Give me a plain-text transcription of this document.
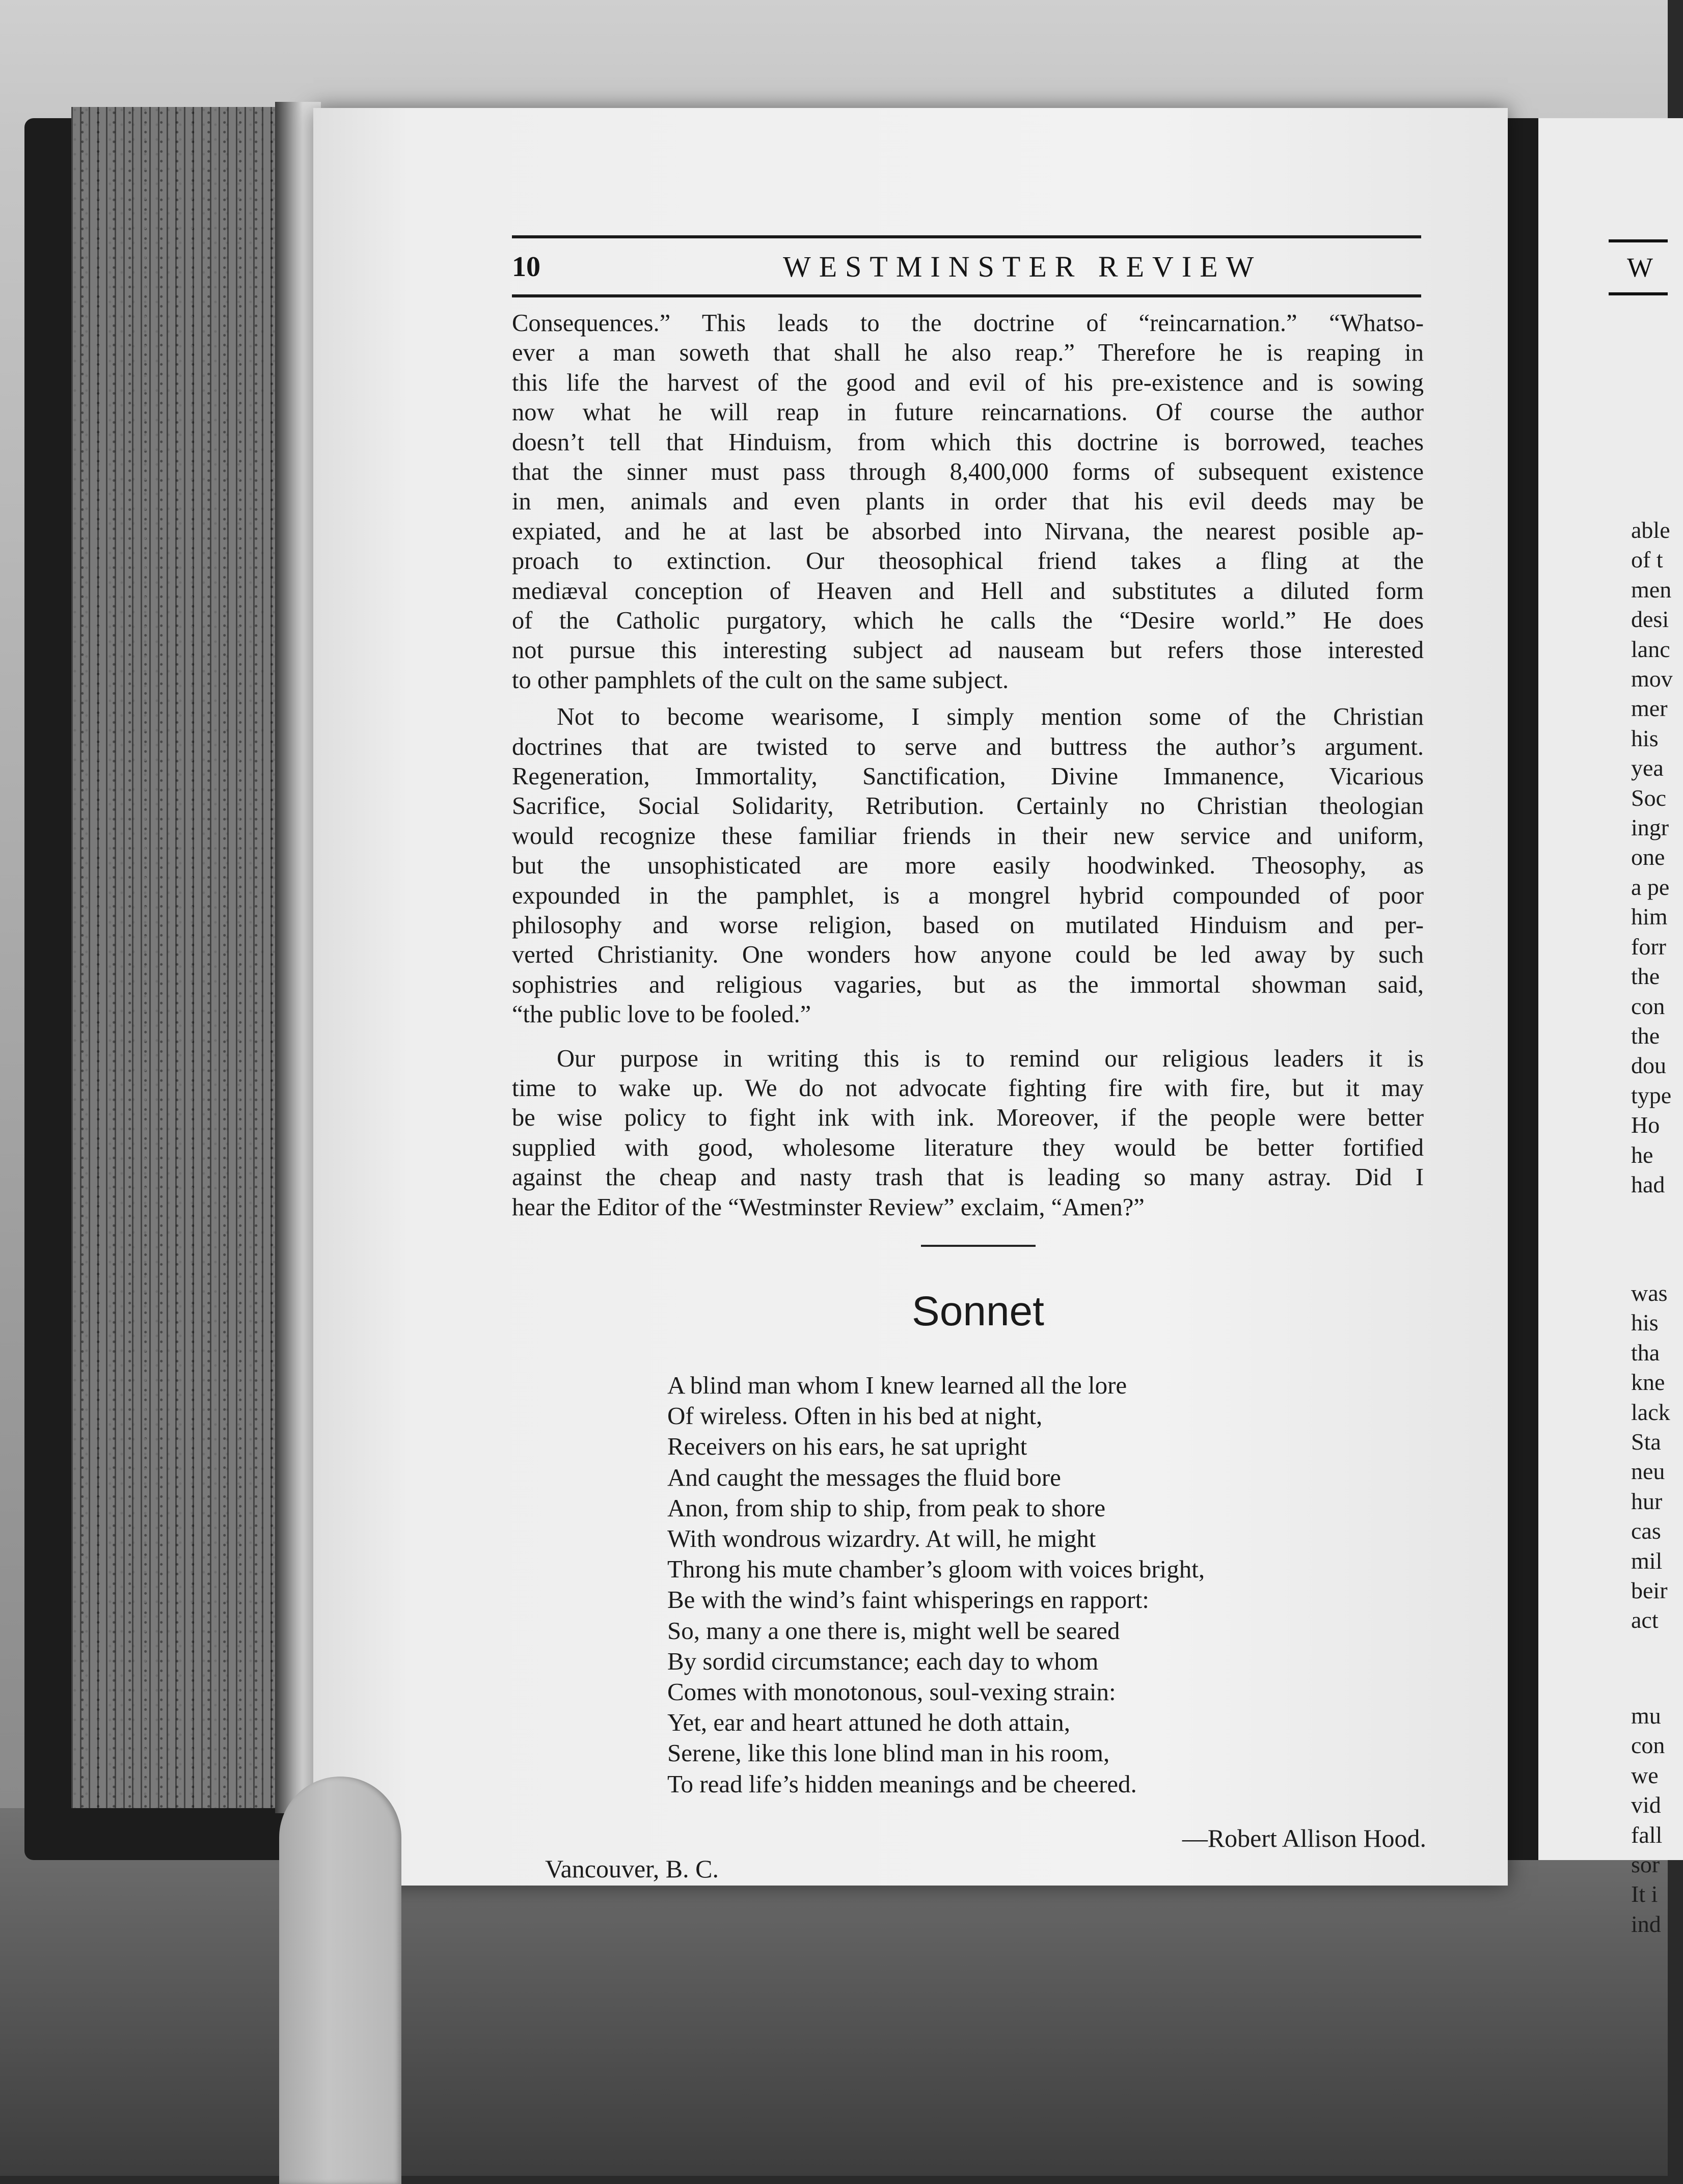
W
able
of t
men
desi
lanc
mov
mer
his
yea
Soc
ingr
one
a pe
him
forr
the
con
the
dou
type
Ho
he
had
was
his
tha
kne
lack
Sta
neu
hur
cas
mil
beir
act
mu
con
we
vid
fall
sor
It i
ind
10	WESTMINSTER REVIEW
Consequences.” This leads to the doctrine of “reincarnation.” “Whatso-
ever a man soweth that shall he also reap.” Therefore he is reaping in
this life the harvest of the good and evil of his pre-existence and is sowing
now what he will reap in future reincarnations. Of course the author
doesn’t tell that Hinduism, from which this doctrine is borrowed, teaches
that the sinner must pass through 8,400,000 forms of subsequent existence
in men, animals and even plants in order that his evil deeds may be
expiated, and he at last be absorbed into Nirvana, the nearest posible ap-
proach to extinction. Our theosophical friend takes a fling at the
mediæval conception of Heaven and Hell and substitutes a diluted form
of the Catholic purgatory, which he calls the “Desire world.” He does
not pursue this interesting subject ad nauseam but refers those interested
to other pamphlets of the cult on the same subject.
Not to become wearisome, I simply mention some of the Christian
doctrines that are twisted to serve and buttress the author’s argument.
Regeneration, Immortality, Sanctification, Divine Immanence, Vicarious
Sacrifice, Social Solidarity, Retribution. Certainly no Christian theologian
would recognize these familiar friends in their new service and uniform,
but the unsophisticated are more easily hoodwinked. Theosophy, as
expounded in the pamphlet, is a mongrel hybrid compounded of poor
philosophy and worse religion, based on mutilated Hinduism and per-
verted Christianity. One wonders how anyone could be led away by such
sophistries and religious vagaries, but as the immortal showman said,
“the public love to be fooled.”
Our purpose in writing this is to remind our religious leaders it is
time to wake up. We do not advocate fighting fire with fire, but it may
be wise policy to fight ink with ink. Moreover, if the people were better
supplied with good, wholesome literature they would be better fortified
against the cheap and nasty trash that is leading so many astray. Did I
hear the Editor of the “Westminster Review” exclaim, “Amen?”
Sonnet
A blind man whom I knew learned all the lore
Of wireless. Often in his bed at night,
Receivers on his ears, he sat upright
And caught the messages the fluid bore
Anon, from ship to ship, from peak to shore
With wondrous wizardry. At will, he might
Throng his mute chamber’s gloom with voices bright,
Be with the wind’s faint whisperings en rapport:
So, many a one there is, might well be seared
By sordid circumstance; each day to whom
Comes with monotonous, soul-vexing strain:
Yet, ear and heart attuned he doth attain,
Serene, like this lone blind man in his room,
To read life’s hidden meanings and be cheered.
—Robert Allison Hood.
Vancouver, B. C.
